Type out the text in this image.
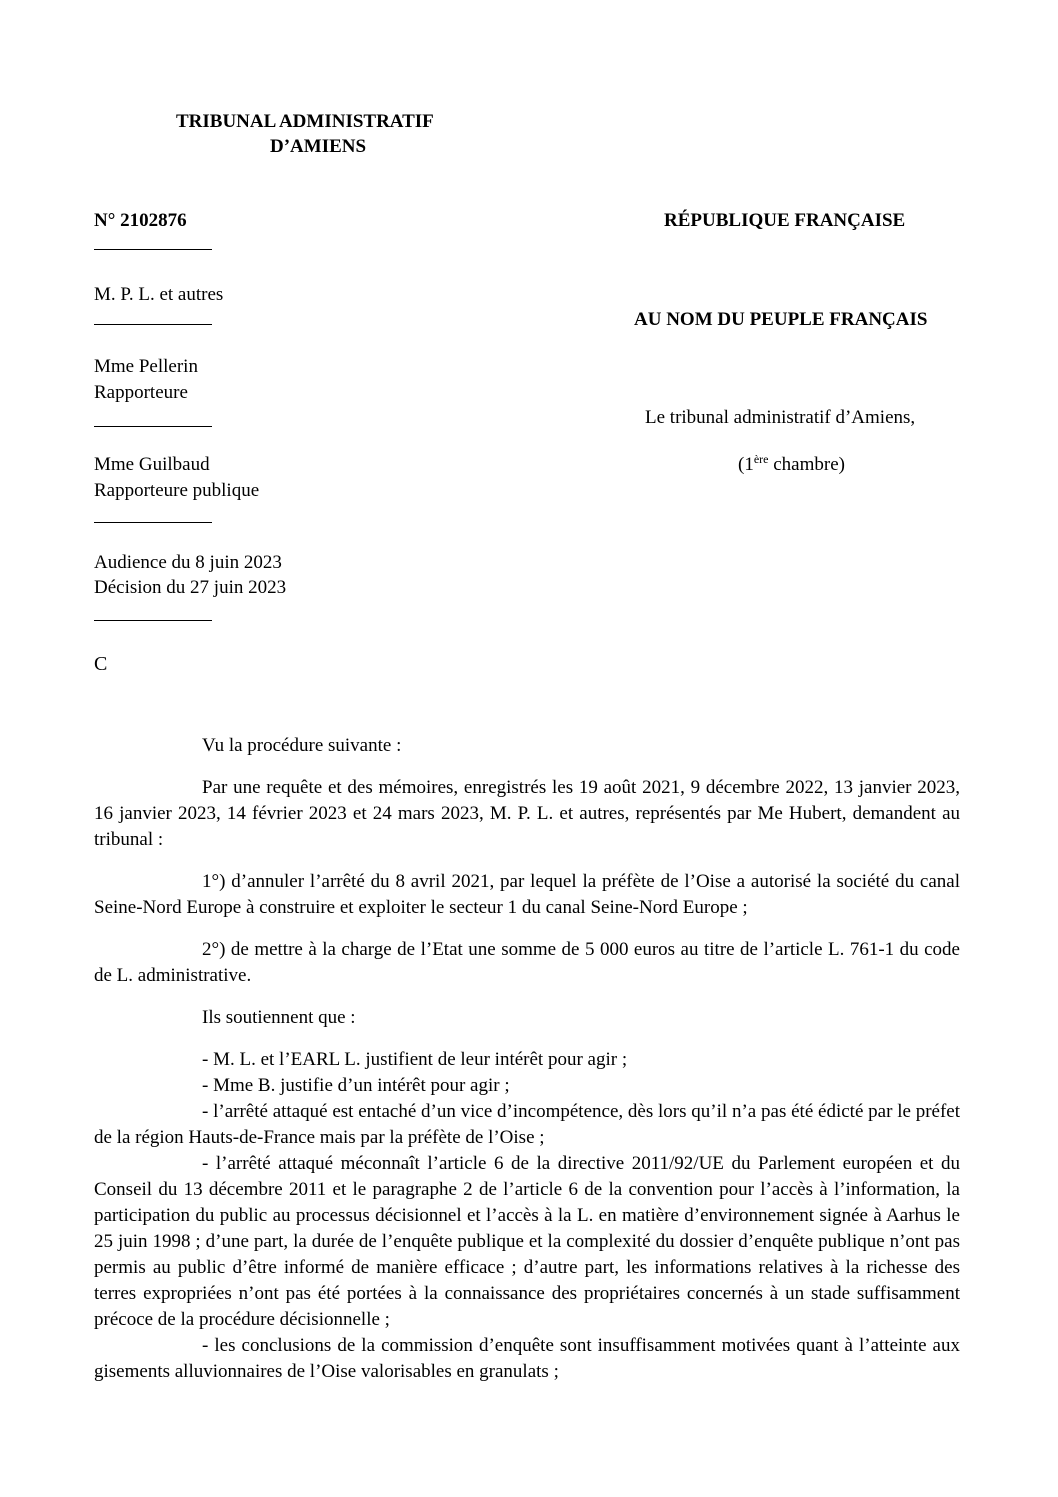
TRIBUNAL ADMINISTRATIF
D’AMIENS
N° 2102876	RÉPUBLIQUE FRANÇAISE
M. P. L. et autres
AU NOM DU PEUPLE FRANÇAIS
Mme Pellerin
Rapporteure
Le tribunal administratif d’Amiens,
Mme Guilbaud
Rapporteure publique
(1ère chambre)
Audience du 8 juin 2023
Décision du 27 juin 2023
C
Vu la procédure suivante :

Par une requête et des mémoires, enregistrés les 19 août 2021, 9 décembre 2022, 13 janvier 2023, 16 janvier 2023, 14 février 2023 et 24 mars 2023, M. P. L. et autres, représentés par Me Hubert, demandent au tribunal :

1°) d’annuler l’arrêté du 8 avril 2021, par lequel la préfète de l’Oise a autorisé la société du canal Seine-Nord Europe à construire et exploiter le secteur 1 du canal Seine-Nord Europe ;

2°) de mettre à la charge de l’Etat une somme de 5 000 euros au titre de l’article L. 761-1 du code de L. administrative.

Ils soutiennent que :

- M. L. et l’EARL L. justifient de leur intérêt pour agir ;

- Mme B. justifie d’un intérêt pour agir ;

- l’arrêté attaqué est entaché d’un vice d’incompétence, dès lors qu’il n’a pas été édicté par le préfet de la région Hauts-de-France mais par la préfète de l’Oise ;

- l’arrêté attaqué méconnaît l’article 6 de la directive 2011/92/UE du Parlement européen et du Conseil du 13 décembre 2011 et le paragraphe 2 de l’article 6 de la convention pour l’accès à l’information, la participation du public au processus décisionnel et l’accès à la L. en matière d’environnement signée à Aarhus le 25 juin 1998 ; d’une part, la durée de l’enquête publique et la complexité du dossier d’enquête publique n’ont pas permis au public d’être informé de manière efficace ; d’autre part, les informations relatives à la richesse des terres expropriées n’ont pas été portées à la connaissance des propriétaires concernés à un stade suffisamment précoce de la procédure décisionnelle ;

- les conclusions de la commission d’enquête sont insuffisamment motivées quant à l’atteinte aux gisements alluvionnaires de l’Oise valorisables en granulats ;
